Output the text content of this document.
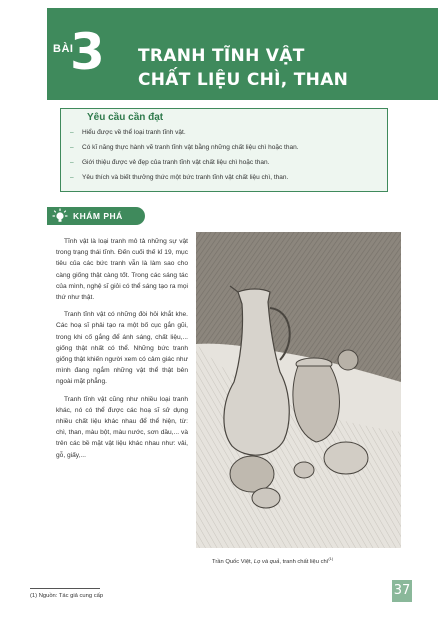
BÀI
3 TRANH TĨNH VẬT
CHẤT LIỆU CHÌ, THAN
Yêu cầu cần đạt
– Hiểu được về thể loại tranh tĩnh vật.
– Có kĩ năng thực hành vẽ tranh tĩnh vật bằng những chất liệu chì hoặc than.
– Giới thiệu được vẻ đẹp của tranh tĩnh vật chất liệu chì hoặc than.
– Yêu thích và biết thưởng thức một bức tranh tĩnh vật chất liệu chì, than.
KHÁM PHÁ

Tĩnh vật là loại tranh mô tả những sự vật trong trạng thái tĩnh. Đến cuối thế kỉ 19, mục tiêu của các bức tranh vẫn là làm sao cho càng giống thật càng tốt. Trong các sáng tác của mình, nghệ sĩ giỏi có thể sáng tạo ra mọi thứ như thật.

Tranh tĩnh vật có những đòi hỏi khắt khe. Các hoạ sĩ phải tạo ra một bố cục gắn gũi, trong khi cố gắng để ánh sáng, chất liệu,... giống thật nhất có thể. Những bức tranh giống thật khiến người xem có cảm giác như mình đang ngắm những vật thể thật bên ngoài mặt phẳng.

Tranh tĩnh vật cũng như nhiều loại tranh khác, nó có thể được các hoạ sĩ sử dụng nhiều chất liệu khác nhau để thể hiện, từ: chì, than, màu bột, màu nước, sơn dầu,... và trên các bề mặt vật liệu khác nhau như: vải, gỗ, giấy,...

Trần Quốc Việt, Lọ và quả, tranh chất liệu chì$^{(1)}$
(1) Nguồn: Tác giả cung cấp	37
